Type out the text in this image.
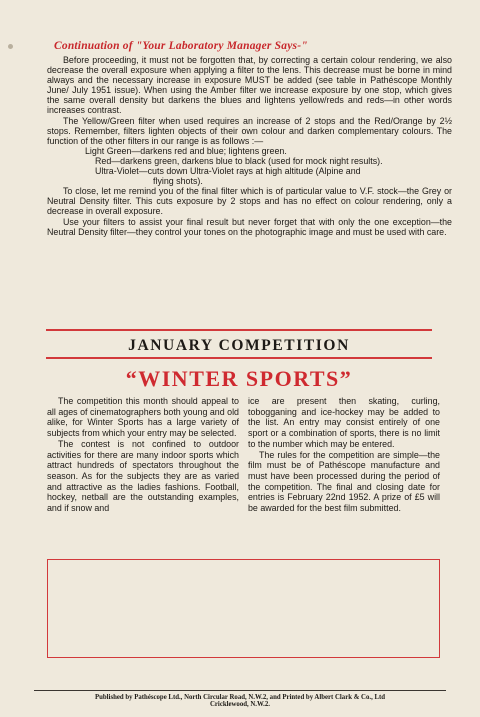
Continuation of "Your Laboratory Manager Says-"

Before proceeding, it must not be forgotten that, by correcting a certain colour rendering, we also decrease the overall exposure when applying a filter to the lens. This decrease must be borne in mind always and the necessary increase in exposure MUST be added (see table in Pathéscope Monthly June/ July 1951 issue). When using the Amber filter we increase exposure by one stop, which gives the same overall density but darkens the blues and lightens yellow/reds and reds—in other words increases contrast.

The Yellow/Green filter when used requires an increase of 2 stops and the Red/Orange by 2½ stops. Remember, filters lighten objects of their own colour and darken complementary colours. The function of the other filters in our range is as follows :—

Light Green—darkens red and blue; lightens green.
Red—darkens green, darkens blue to black (used for mock night results).
Ultra-Violet—cuts down Ultra-Violet rays at high altitude (Alpine and
flying shots).

To close, let me remind you of the final filter which is of particular value to V.F. stock—the Grey or Neutral Density filter. This cuts exposure by 2 stops and has no effect on colour rendering, only a decrease in overall exposure.

Use your filters to assist your final result but never forget that with only the one exception—the Neutral Density filter—they control your tones on the photographic image and must be used with care.

JANUARY COMPETITION
“WINTER SPORTS”

The competition this month should appeal to all ages of cinematographers both young and old alike, for Winter Sports has a large variety of subjects from which your entry may be selected.

The contest is not confined to outdoor activities for there are many indoor sports which attract hundreds of spectators throughout the season. As for the subjects they are as varied and attractive as the ladies fashions. Football, hockey, netball are the outstanding examples, and if snow and

ice are present then skating, curling, tobogganing and ice-hockey may be added to the list. An entry may consist entirely of one sport or a combination of sports, there is no limit to the number which may be entered.

The rules for the competition are simple—the film must be of Pathéscope manufacture and must have been processed during the period of the competition. The final and closing date for entries is February 22nd 1952. A prize of £5 will be awarded for the best film submitted.

Published by Pathéscope Ltd., North Circular Road, N.W.2, and Printed by Albert Clark & Co., Ltd
Cricklewood, N.W.2.
